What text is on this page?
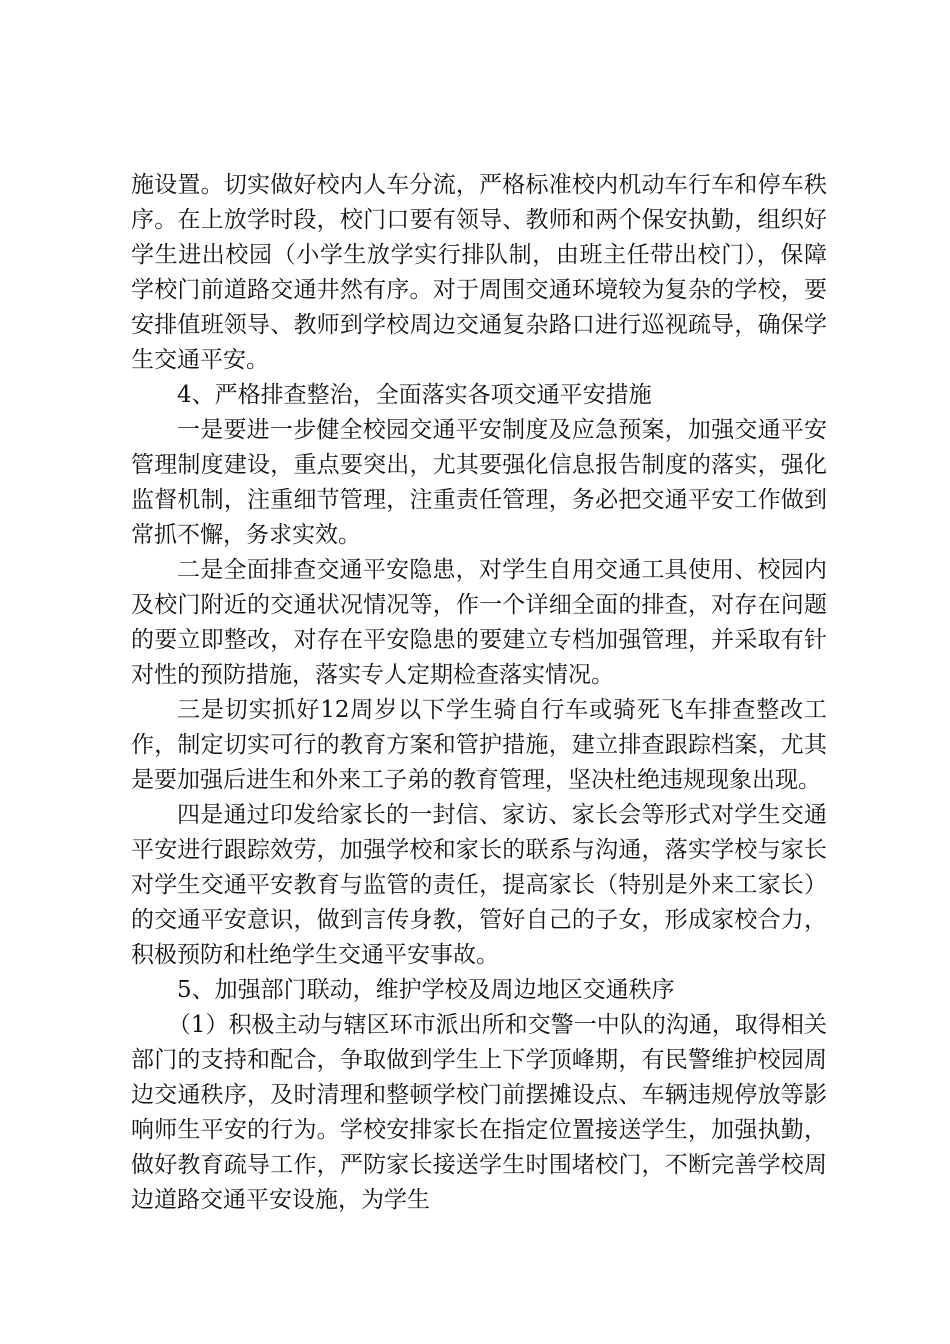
施设置。切实做好校内人车分流，严格标准校内机动车行车和停车秩序。在上放学时段，校门口要有领导、教师和两个保安执勤，组织好学生进出校园（小学生放学实行排队制，由班主任带出校门），保障学校门前道路交通井然有序。对于周围交通环境较为复杂的学校，要安排值班领导、教师到学校周边交通复杂路口进行巡视疏导，确保学生交通平安。

4、严格排查整治，全面落实各项交通平安措施

一是要进一步健全校园交通平安制度及应急预案，加强交通平安管理制度建设，重点要突出，尤其要强化信息报告制度的落实，强化监督机制，注重细节管理，注重责任管理，务必把交通平安工作做到常抓不懈，务求实效。

二是全面排查交通平安隐患，对学生自用交通工具使用、校园内及校门附近的交通状况情况等，作一个详细全面的排查，对存在问题的要立即整改，对存在平安隐患的要建立专档加强管理，并采取有针对性的预防措施，落实专人定期检查落实情况。

三是切实抓好12周岁以下学生骑自行车或骑死飞车排查整改工作，制定切实可行的教育方案和管护措施，建立排查跟踪档案，尤其是要加强后进生和外来工子弟的教育管理，坚决杜绝违规现象出现。

四是通过印发给家长的一封信、家访、家长会等形式对学生交通平安进行跟踪效劳，加强学校和家长的联系与沟通，落实学校与家长对学生交通平安教育与监管的责任，提高家长（特别是外来工家长）的交通平安意识，做到言传身教，管好自己的子女，形成家校合力，积极预防和杜绝学生交通平安事故。

5、加强部门联动，维护学校及周边地区交通秩序

（1）积极主动与辖区环市派出所和交警一中队的沟通，取得相关部门的支持和配合，争取做到学生上下学顶峰期，有民警维护校园周边交通秩序，及时清理和整顿学校门前摆摊设点、车辆违规停放等影响师生平安的行为。学校安排家长在指定位置接送学生，加强执勤，做好教育疏导工作，严防家长接送学生时围堵校门，不断完善学校周边道路交通平安设施，为学生
